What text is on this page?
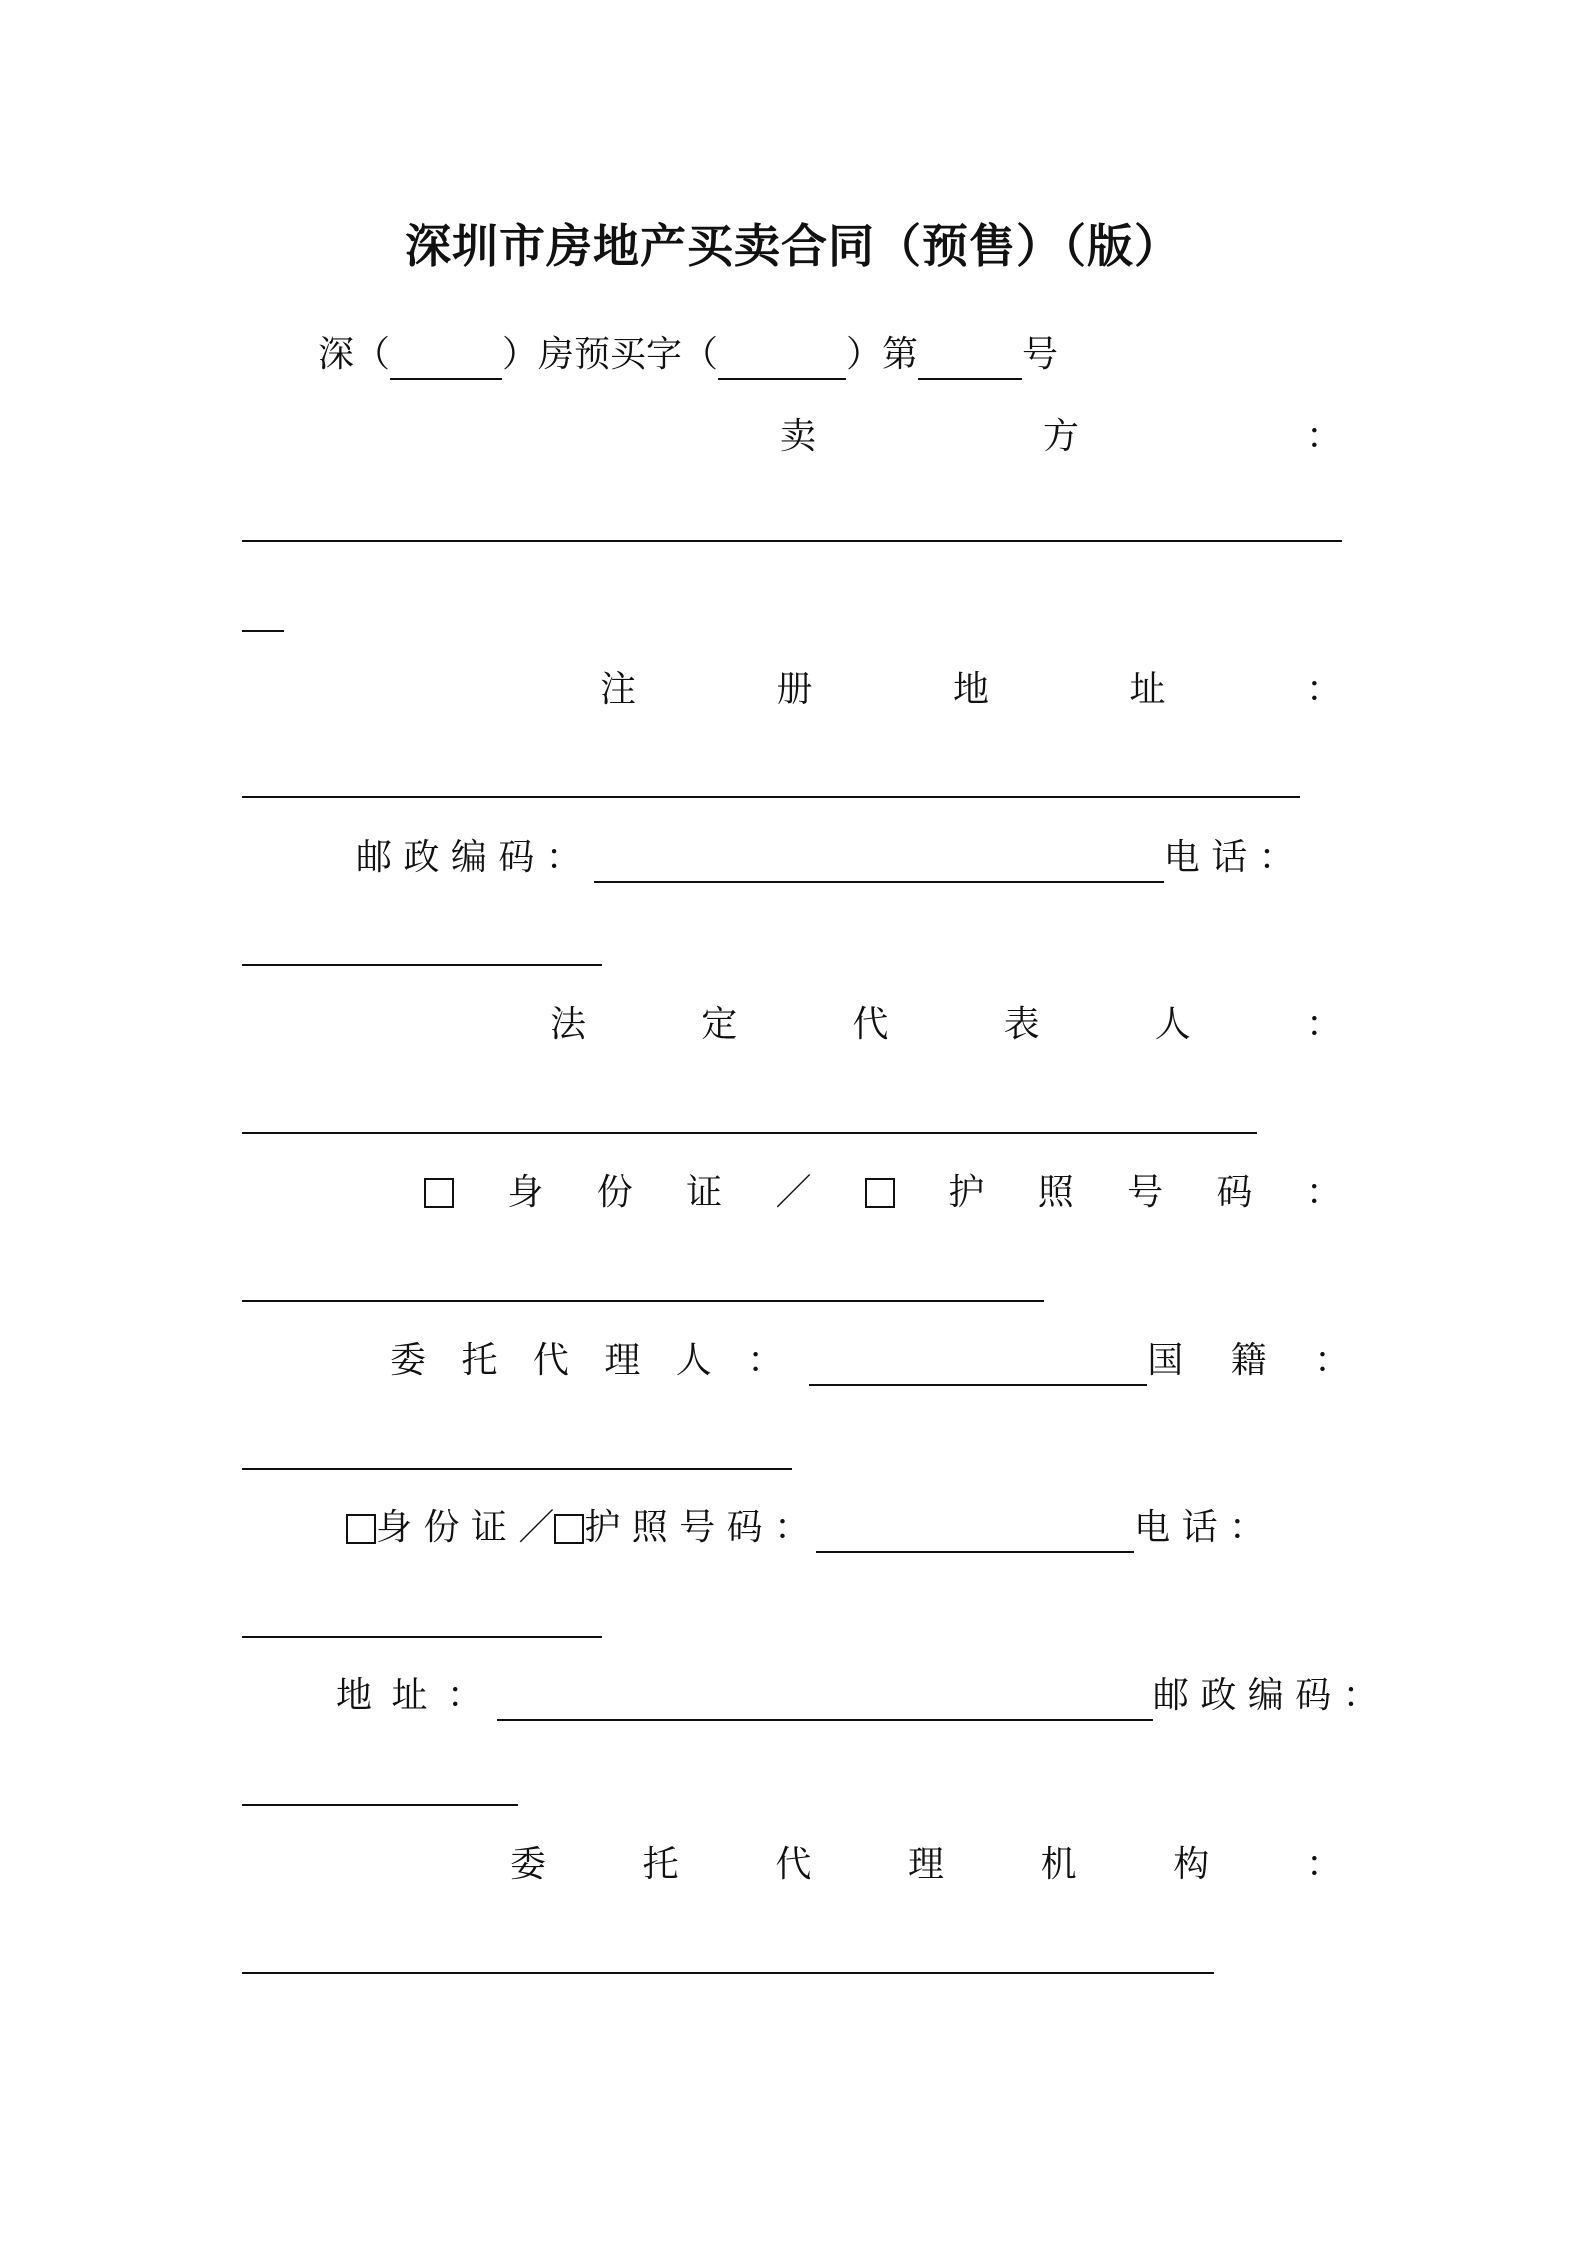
深圳市房地产买卖合同（预售）（版）
深（	）房预买字（	）第	号
卖	方	：
注	册	地	址	：
邮 政 编 码 ：	电 话 ：
法	定	代	表	人	：
身 份 证 ／	护 照 号 码 ：
委 托 代 理 人 ：	国 籍 ：
身 份 证 ／ 护 照 号 码 ：	电 话 ：
地 址 ：	邮 政 编 码 ：
委	托	代	理	机	构	：
